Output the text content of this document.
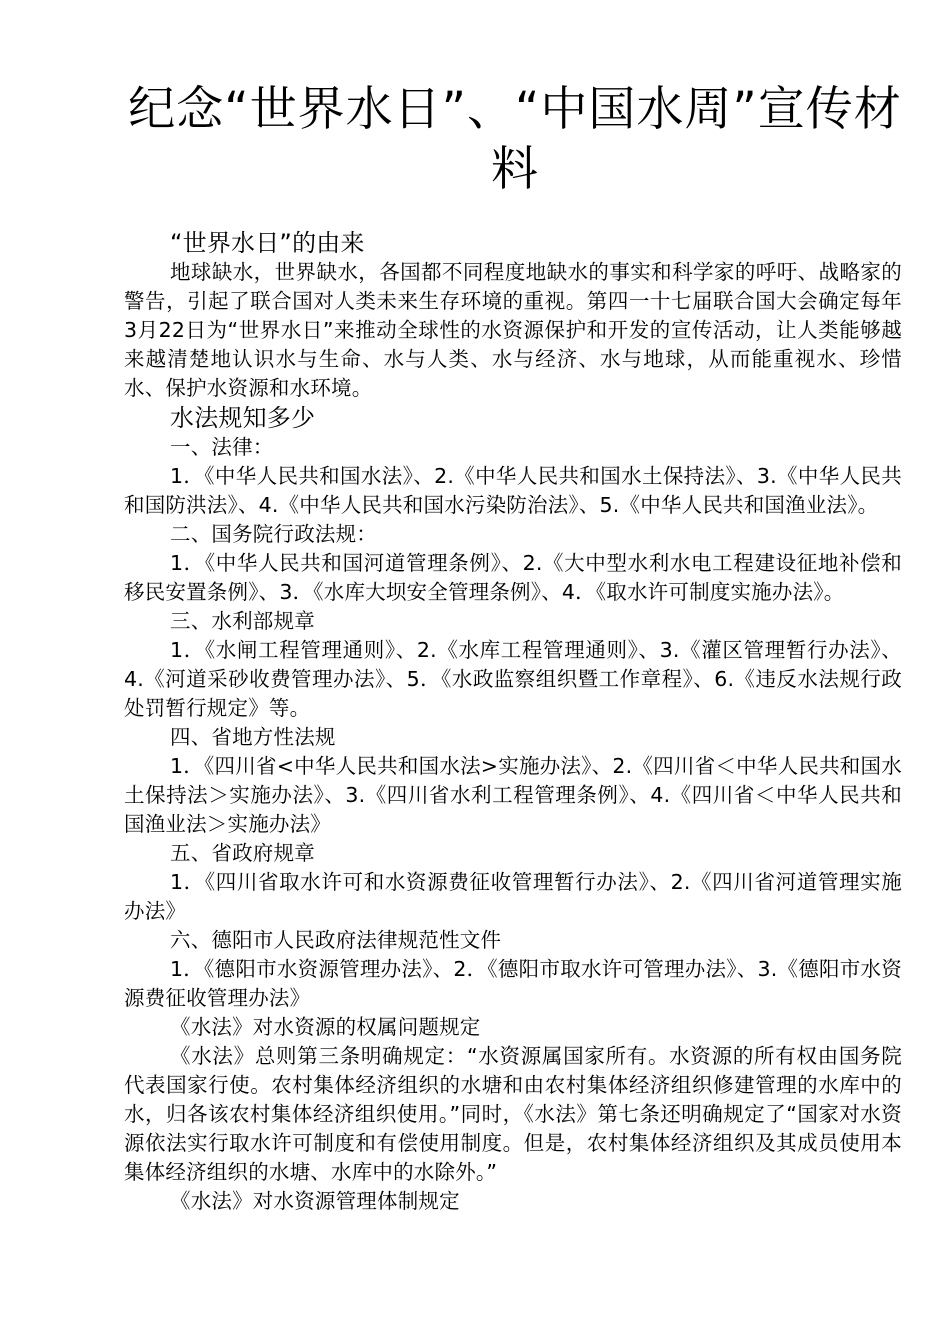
纪念“世界水日”、“中国水周”宣传材料
“世界水日”的由来

地球缺水，世界缺水，各国都不同程度地缺水的事实和科学家的呼吁、战略家的警告，引起了联合国对人类未来生存环境的重视。第四一十七届联合国大会确定每年3月22日为“世界水日”来推动全球性的水资源保护和开发的宣传活动，让人类能够越来越清楚地认识水与生命、水与人类、水与经济、水与地球，从而能重视水、珍惜水、保护水资源和水环境。

水法规知多少

一、法律：

1．《中华人民共和国水法》、2.《中华人民共和国水土保持法》、3.《中华人民共和国防洪法》、4.《中华人民共和国水污染防治法》、5.《中华人民共和国渔业法》。

二、国务院行政法规：

1．《中华人民共和国河道管理条例》、2.《大中型水利水电工程建设征地补偿和移民安置条例》、3．《水库大坝安全管理条例》、4．《取水许可制度实施办法》。

三、水利部规章

1．《水闸工程管理通则》、2.《水库工程管理通则》、3.《灌区管理暂行办法》、4.《河道采砂收费管理办法》、5．《水政监察组织暨工作章程》、6.《违反水法规行政处罚暂行规定》等。

四、省地方性法规

1．《四川省<中华人民共和国水法>实施办法》、2.《四川省＜中华人民共和国水土保持法＞实施办法》、3.《四川省水利工程管理条例》、4.《四川省＜中华人民共和国渔业法＞实施办法》

五、省政府规章

1．《四川省取水许可和水资源费征收管理暂行办法》、2.《四川省河道管理实施办法》

六、德阳市人民政府法律规范性文件

1．《德阳市水资源管理办法》、2．《德阳市取水许可管理办法》、3.《德阳市水资源费征收管理办法》

《水法》对水资源的权属问题规定

《水法》总则第三条明确规定：“水资源属国家所有。水资源的所有权由国务院代表国家行使。农村集体经济组织的水塘和由农村集体经济组织修建管理的水库中的水，归各该农村集体经济组织使用。”同时，《水法》第七条还明确规定了“国家对水资源依法实行取水许可制度和有偿使用制度。但是，农村集体经济组织及其成员使用本集体经济组织的水塘、水库中的水除外。”

《水法》对水资源管理体制规定
